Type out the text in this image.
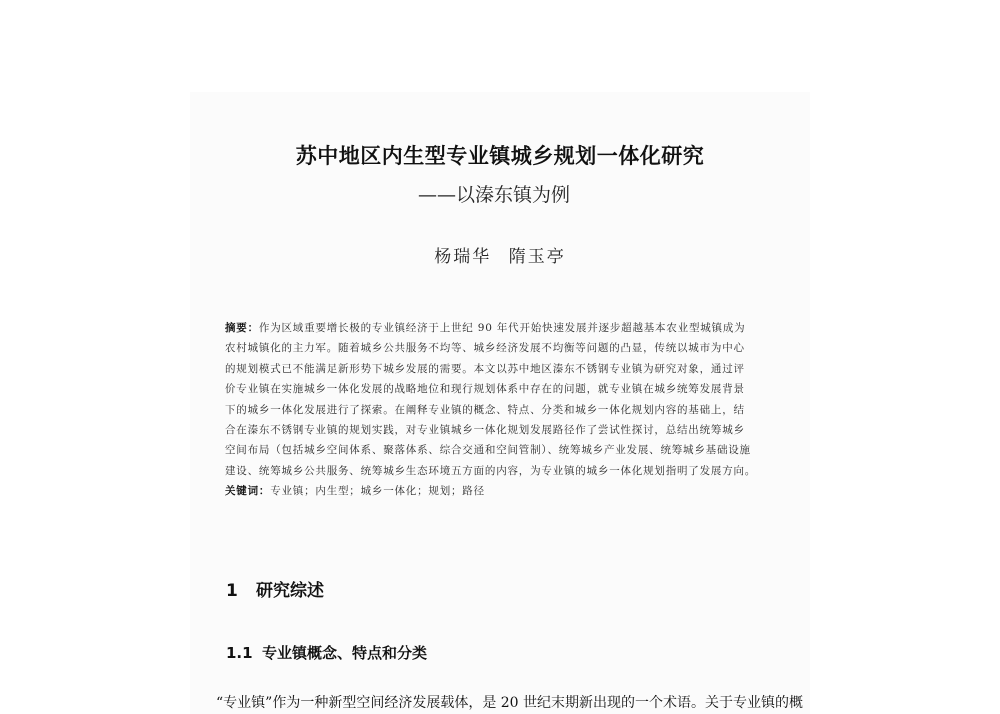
苏中地区内生型专业镇城乡规划一体化研究
——以溱东镇为例
杨瑞华 隋玉亭
摘要：作为区域重要增长极的专业镇经济于上世纪 90 年代开始快速发展并逐步超越基本农业型城镇成为
农村城镇化的主力军。随着城乡公共服务不均等、城乡经济发展不均衡等问题的凸显，传统以城市为中心
的规划模式已不能满足新形势下城乡发展的需要。本文以苏中地区溱东不锈钢专业镇为研究对象，通过评
价专业镇在实施城乡一体化发展的战略地位和现行规划体系中存在的问题，就专业镇在城乡统筹发展背景
下的城乡一体化发展进行了探索。在阐释专业镇的概念、特点、分类和城乡一体化规划内容的基础上，结
合在溱东不锈钢专业镇的规划实践，对专业镇城乡一体化规划发展路径作了尝试性探讨，总结出统筹城乡
空间布局（包括城乡空间体系、聚落体系、综合交通和空间管制）、统筹城乡产业发展、统筹城乡基础设施
建设、统筹城乡公共服务、统筹城乡生态环境五方面的内容，为专业镇的城乡一体化规划指明了发展方向。
关键词：专业镇；内生型；城乡一体化；规划；路径
1 研究综述
1.1 专业镇概念、特点和分类
“专业镇”作为一种新型空间经济发展载体，是 20 世纪末期新出现的一个术语。关于专业镇的概
